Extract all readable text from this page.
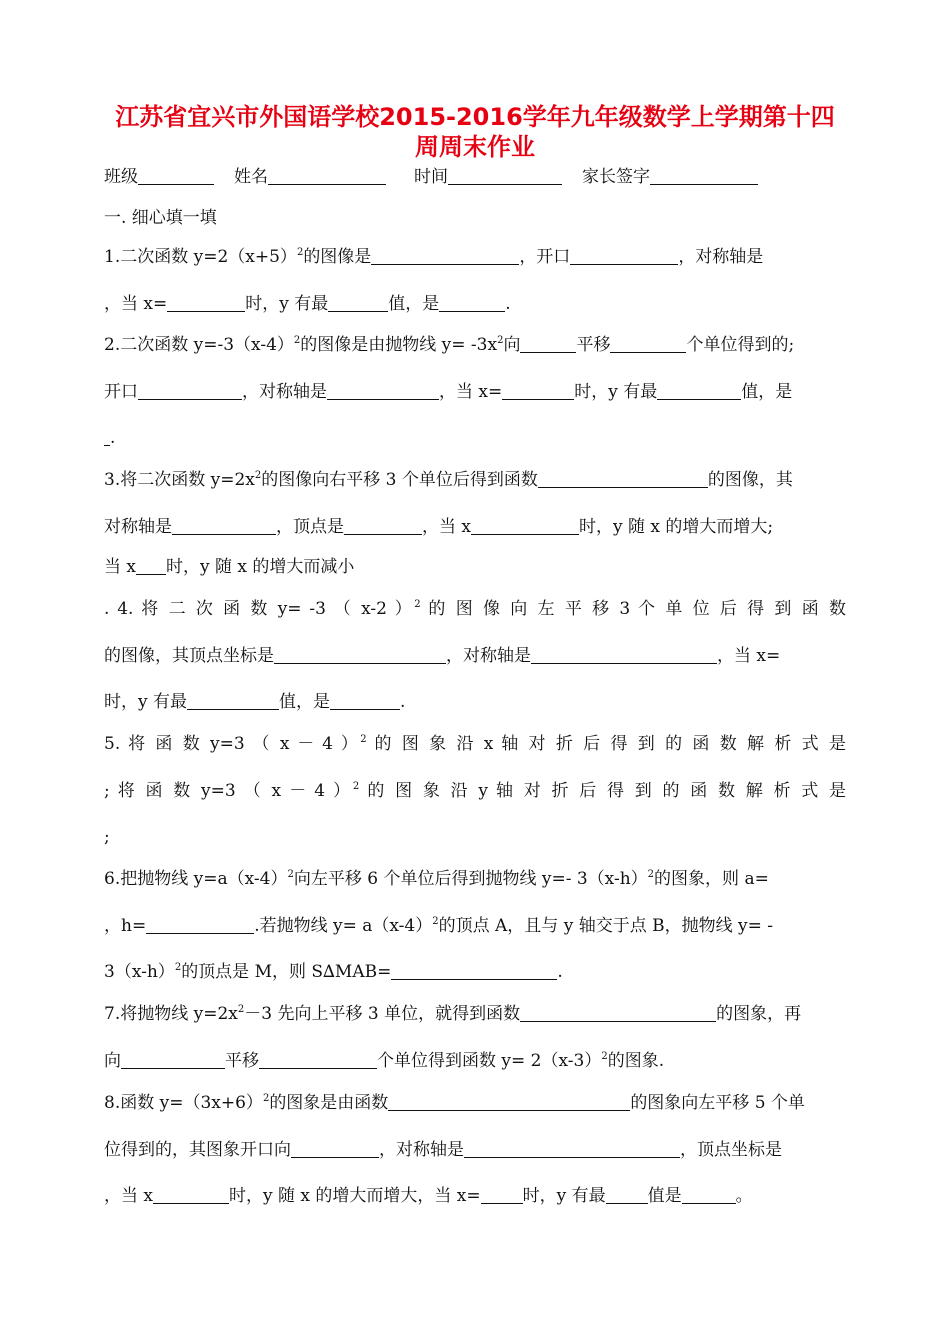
江苏省宜兴市外国语学校2015-2016学年九年级数学上学期第十四
周周末作业
班级	姓名	时间	家长签字
一. 细心填一填
1.二次函数 $y=2(x+5)^2$的图像是	，开口	，对称轴是
，当 x=	时，y 有最	值，是	.
2.二次函数 $y=-3(x-4)^2$的图像是由抛物线 $y= -3x^2$向	平移	个单位得到的;
开口	，对称轴是	，当 x=	时，y 有最	值，是
.
3.将二次函数 $y=2x^2$的图像向右平移 3 个单位后得到函数	的图像，其
对称轴是	，顶点是	，当 x	时，y 随 x 的增大而增大;
当 x 时，y 随 x 的增大而减小
. 4. 将 二 次 函 数 y= -3 （ x-2 ）$^2$ 的 图 像 向 左 平 移 3 个 单 位 后 得 到 函 数
的图像，其顶点坐标是	，对称轴是	，当 x=
时，y 有最	值，是	.
5. 将 函 数 y=3 （ x － 4 ）$^2$ 的 图 象 沿 x 轴 对 折 后 得 到 的 函 数 解 析 式 是
; 将 函 数 y=3 （ x － 4 ）$^2$ 的 图 象 沿 y 轴 对 折 后 得 到 的 函 数 解 析 式 是
;
6.把抛物线 $y=a(x-4)^2$向左平移 6 个单位后得到抛物线 y=- $3(x-h)^2$的图象，则 a=
，h=	.若抛物线 $y= a(x-4)^2$的顶点 A，且与 y 轴交于点 B，抛物线 y= -
$3(x-h)^2$的顶点是 M，则 S∆MAB=	.
7.将抛物线 $y=2x^2-3$ 先向上平移 3 单位，就得到函数	的图象，再
向	平移	个单位得到函数 $y= 2(x-3)^2$的图象.
8.函数 $y=(3x+6)^2$的图象是由函数	的图象向左平移 5 个单
位得到的，其图象开口向	，对称轴是	，顶点坐标是
，当 x	时，y 随 x 的增大而增大，当 x= 时，y 有最 值是	。
